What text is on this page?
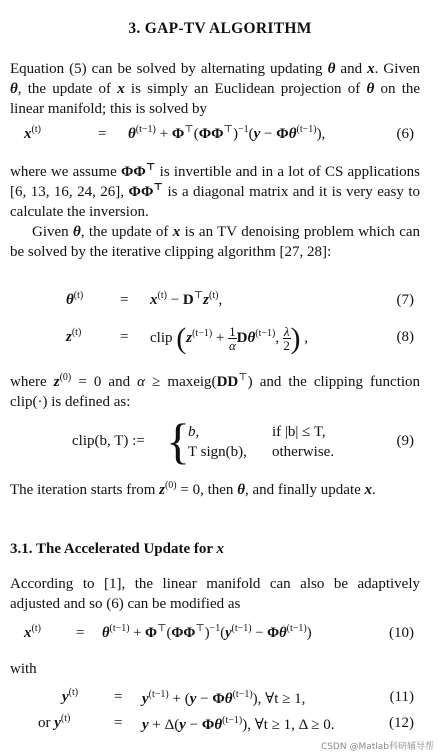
3. GAP-TV ALGORITHM
Equation (5) can be solved by alternating updating θ and x. Given θ, the update of x is simply an Euclidean projection of θ on the linear manifold; this is solved by
$x^{(t)}$	= $\theta^{(t-1)} + \Phi^⊤(\Phi\Phi^⊤)^{-1}(y - \Phi\theta^{(t-1)})$,	(6)
where we assume ΦΦ⊤ is invertible and in a lot of CS applications [6, 13, 16, 24, 26], ΦΦ⊤ is a diagonal matrix and it is very easy to calculate the inversion.
Given θ, the update of x is an TV denoising problem which can be solved by the iterative clipping algorithm [27, 28]:
$\theta^{(t)} = x^{(t)} - D^⊤z^{(t)}$,	(7)
$z^{(t)}$	= clip ($z^{(t-1)} + \frac{1}{\alpha} D\theta^{(t-1)}$, $\frac{\lambda}{2}$ ) ,	(8)
where $z^{(0)} = 0$ and α ≥ maxeig(DD⊤) and the clipping function clip(·) is defined as:
clip(b, T) := {
b,	if |b| ≤ T,
T sign(b), otherwise.
(9)
The iteration starts from $z^{(0)} = 0$, then θ, and finally update x.
3.1. The Accelerated Update for x
According to [1], the linear manifold can also be adaptively adjusted and so (6) can be modified as
$x^{(t)} = \theta^{(t-1)} + \Phi^⊤(\Phi\Phi^⊤)^{-1}(y^{(t-1)} - \Phi\theta^{(t-1)})$	(10)
with
$y^{(t)} = y^{(t-1)} + (y - \Phi\theta^{(t-1)})$, ∀t ≥ 1,	(11)
or $y^{(t)}$	= $y + \Delta(y - \Phi\theta^{(t-1)})$, ∀t ≥ 1, Δ ≥ 0.	(12)
CSDN @Matlab科研辅导帮
